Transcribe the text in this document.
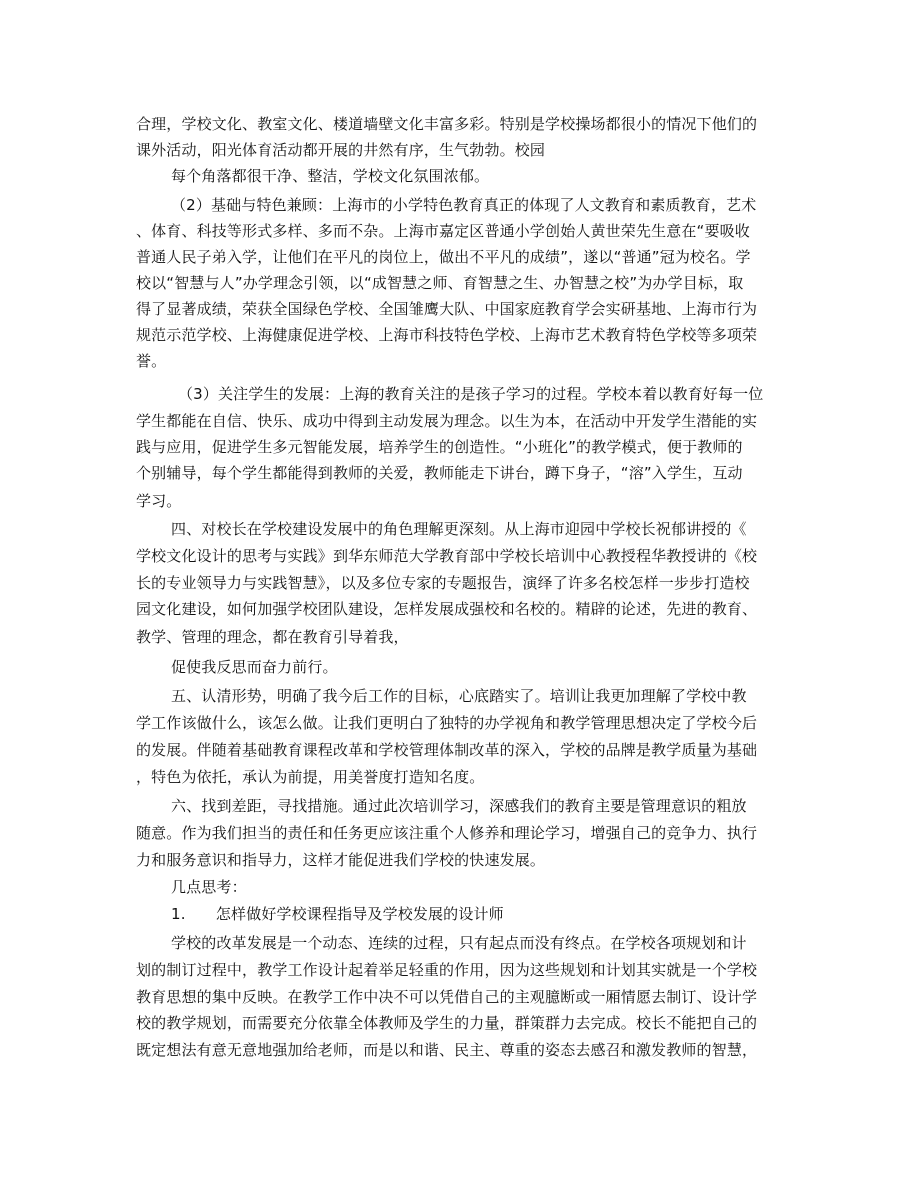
合理，学校文化、教室文化、楼道墙壁文化丰富多彩。特别是学校操场都很小的情况下他们的
课外活动，阳光体育活动都开展的井然有序，生气勃勃。校园
每个角落都很干净、整洁，学校文化氛围浓郁。
（2）基础与特色兼顾：上海市的小学特色教育真正的体现了人文教育和素质教育，艺术
、体育、科技等形式多样、多而不杂。上海市嘉定区普通小学创始人黄世荣先生意在“要吸收
普通人民子弟入学，让他们在平凡的岗位上，做出不平凡的成绩”，遂以“普通”冠为校名。学
校以“智慧与人”办学理念引领，以“成智慧之师、育智慧之生、办智慧之校”为办学目标，取
得了显著成绩，荣获全国绿色学校、全国雏鹰大队、中国家庭教育学会实研基地、上海市行为
规范示范学校、上海健康促进学校、上海市科技特色学校、上海市艺术教育特色学校等多项荣
誉。
（3）关注学生的发展：上海的教育关注的是孩子学习的过程。学校本着以教育好每一位
学生都能在自信、快乐、成功中得到主动发展为理念。以生为本，在活动中开发学生潜能的实
践与应用，促进学生多元智能发展，培养学生的创造性。“小班化”的教学模式，便于教师的
个别辅导，每个学生都能得到教师的关爱，教师能走下讲台，蹲下身子，“溶”入学生，互动
学习。
四、对校长在学校建设发展中的角色理解更深刻。从上海市迎园中学校长祝郁讲授的《
学校文化设计的思考与实践》到华东师范大学教育部中学校长培训中心教授程华教授讲的《校
长的专业领导力与实践智慧》，以及多位专家的专题报告，演绎了许多名校怎样一步步打造校
园文化建设，如何加强学校团队建设，怎样发展成强校和名校的。精辟的论述，先进的教育、
教学、管理的理念，都在教育引导着我，
促使我反思而奋力前行。
五、认清形势，明确了我今后工作的目标，心底踏实了。培训让我更加理解了学校中教
学工作该做什么，该怎么做。让我们更明白了独特的办学视角和教学管理思想决定了学校今后
的发展。伴随着基础教育课程改革和学校管理体制改革的深入，学校的品牌是教学质量为基础
，特色为依托，承认为前提，用美誉度打造知名度。
六、找到差距，寻找措施。通过此次培训学习，深感我们的教育主要是管理意识的粗放
随意。作为我们担当的责任和任务更应该注重个人修养和理论学习，增强自己的竞争力、执行
力和服务意识和指导力，这样才能促进我们学校的快速发展。
几点思考：
1.　　怎样做好学校课程指导及学校发展的设计师
学校的改革发展是一个动态、连续的过程，只有起点而没有终点。在学校各项规划和计
划的制订过程中，教学工作设计起着举足轻重的作用，因为这些规划和计划其实就是一个学校
教育思想的集中反映。在教学工作中决不可以凭借自己的主观臆断或一厢情愿去制订、设计学
校的教学规划，而需要充分依靠全体教师及学生的力量，群策群力去完成。校长不能把自己的
既定想法有意无意地强加给老师，而是以和谐、民主、尊重的姿态去感召和激发教师的智慧，
